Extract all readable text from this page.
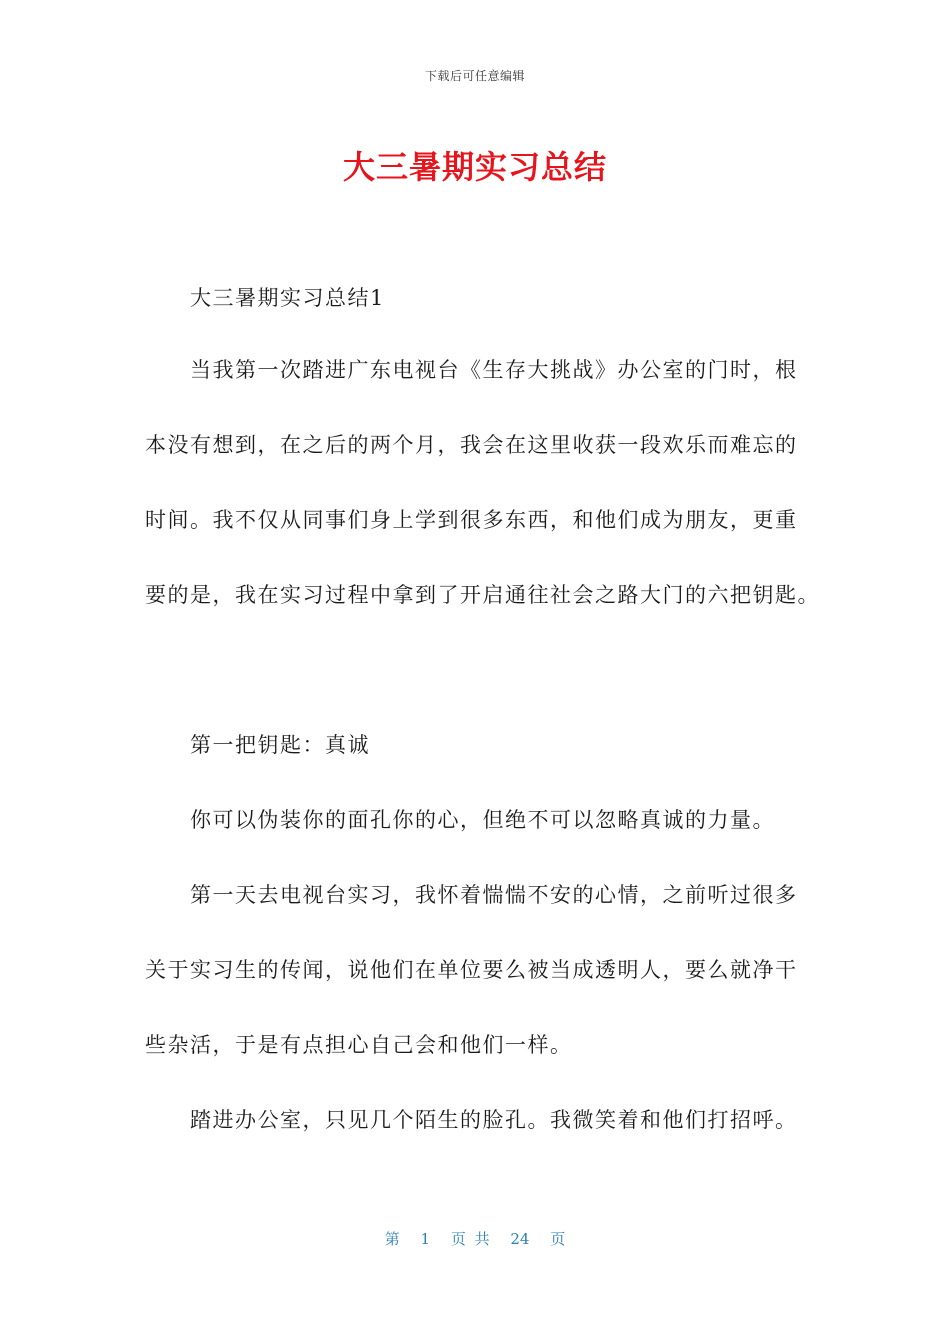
下载后可任意编辑
大三暑期实习总结
大三暑期实习总结1
当我第一次踏进广东电视台《生存大挑战》办公室的门时，根
本没有想到，在之后的两个月，我会在这里收获一段欢乐而难忘的
时间。我不仅从同事们身上学到很多东西，和他们成为朋友，更重
要的是，我在实习过程中拿到了开启通往社会之路大门的六把钥匙。
第一把钥匙：真诚
你可以伪装你的面孔你的心，但绝不可以忽略真诚的力量。
第一天去电视台实习，我怀着惴惴不安的心情，之前听过很多
关于实习生的传闻，说他们在单位要么被当成透明人，要么就净干
些杂活，于是有点担心自己会和他们一样。
踏进办公室，只见几个陌生的脸孔。我微笑着和他们打招呼。
第 1 页 共 24 页
